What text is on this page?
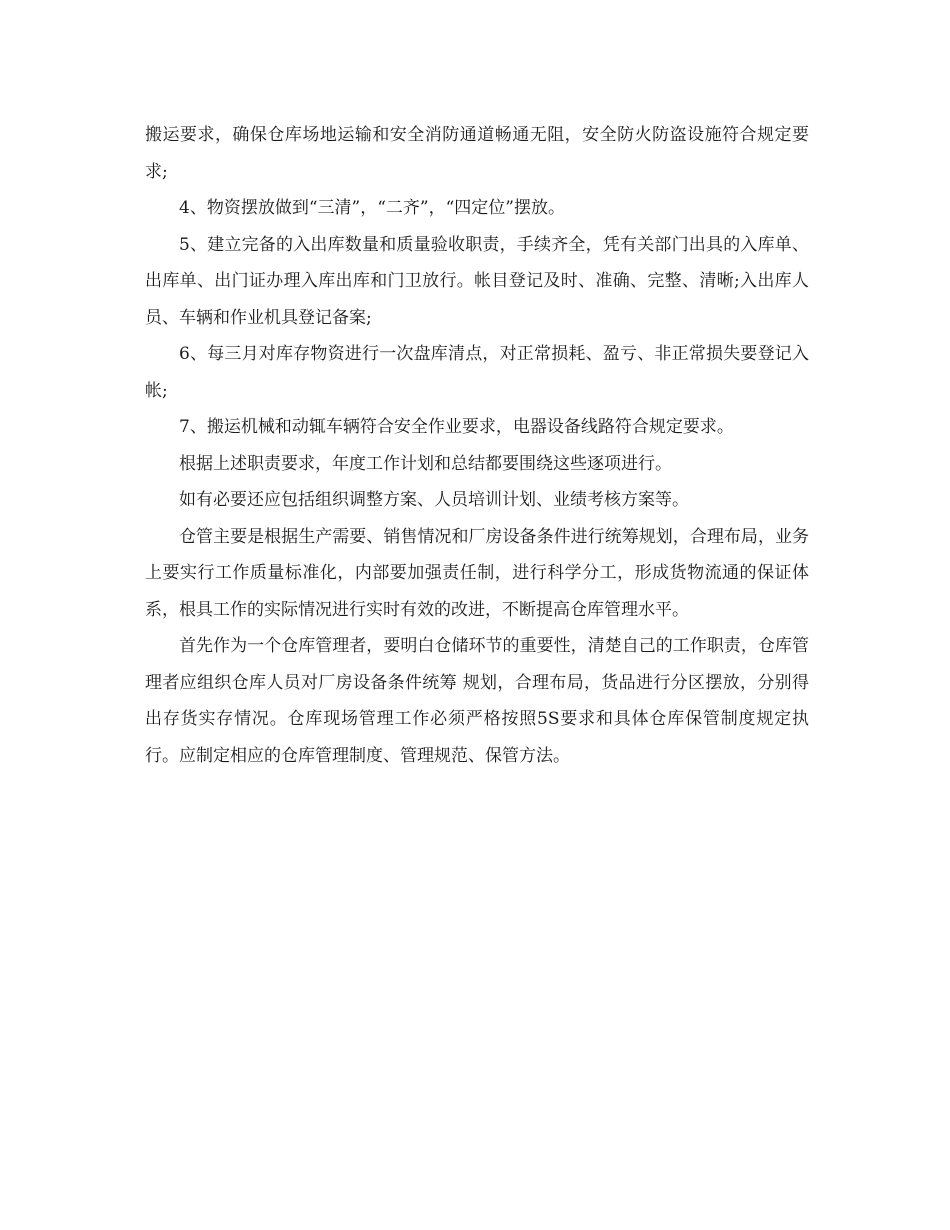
搬运要求，确保仓库场地运输和安全消防通道畅通无阻，安全防火防盗设施符合规定要求;

4、物资摆放做到“三清”，“二齐”，“四定位”摆放。

5、建立完备的入出库数量和质量验收职责，手续齐全，凭有关部门出具的入库单、出库单、出门证办理入库出库和门卫放行。帐目登记及时、准确、完整、清晰;入出库人员、车辆和作业机具登记备案;

6、每三月对库存物资进行一次盘库清点，对正常损耗、盈亏、非正常损失要登记入帐;

7、搬运机械和动辄车辆符合安全作业要求，电器设备线路符合规定要求。

根据上述职责要求，年度工作计划和总结都要围绕这些逐项进行。

如有必要还应包括组织调整方案、人员培训计划、业绩考核方案等。

仓管主要是根据生产需要、销售情况和厂房设备条件进行统筹规划，合理布局，业务上要实行工作质量标准化，内部要加强责任制，进行科学分工，形成货物流通的保证体系，根具工作的实际情况进行实时有效的改进，不断提高仓库管理水平。

首先作为一个仓库管理者，要明白仓储环节的重要性，清楚自己的工作职责，仓库管理者应组织仓库人员对厂房设备条件统筹 规划，合理布局，货品进行分区摆放，分别得出存货实存情况。仓库现场管理工作必须严格按照5S要求和具体仓库保管制度规定执行。应制定相应的仓库管理制度、管理规范、保管方法。
